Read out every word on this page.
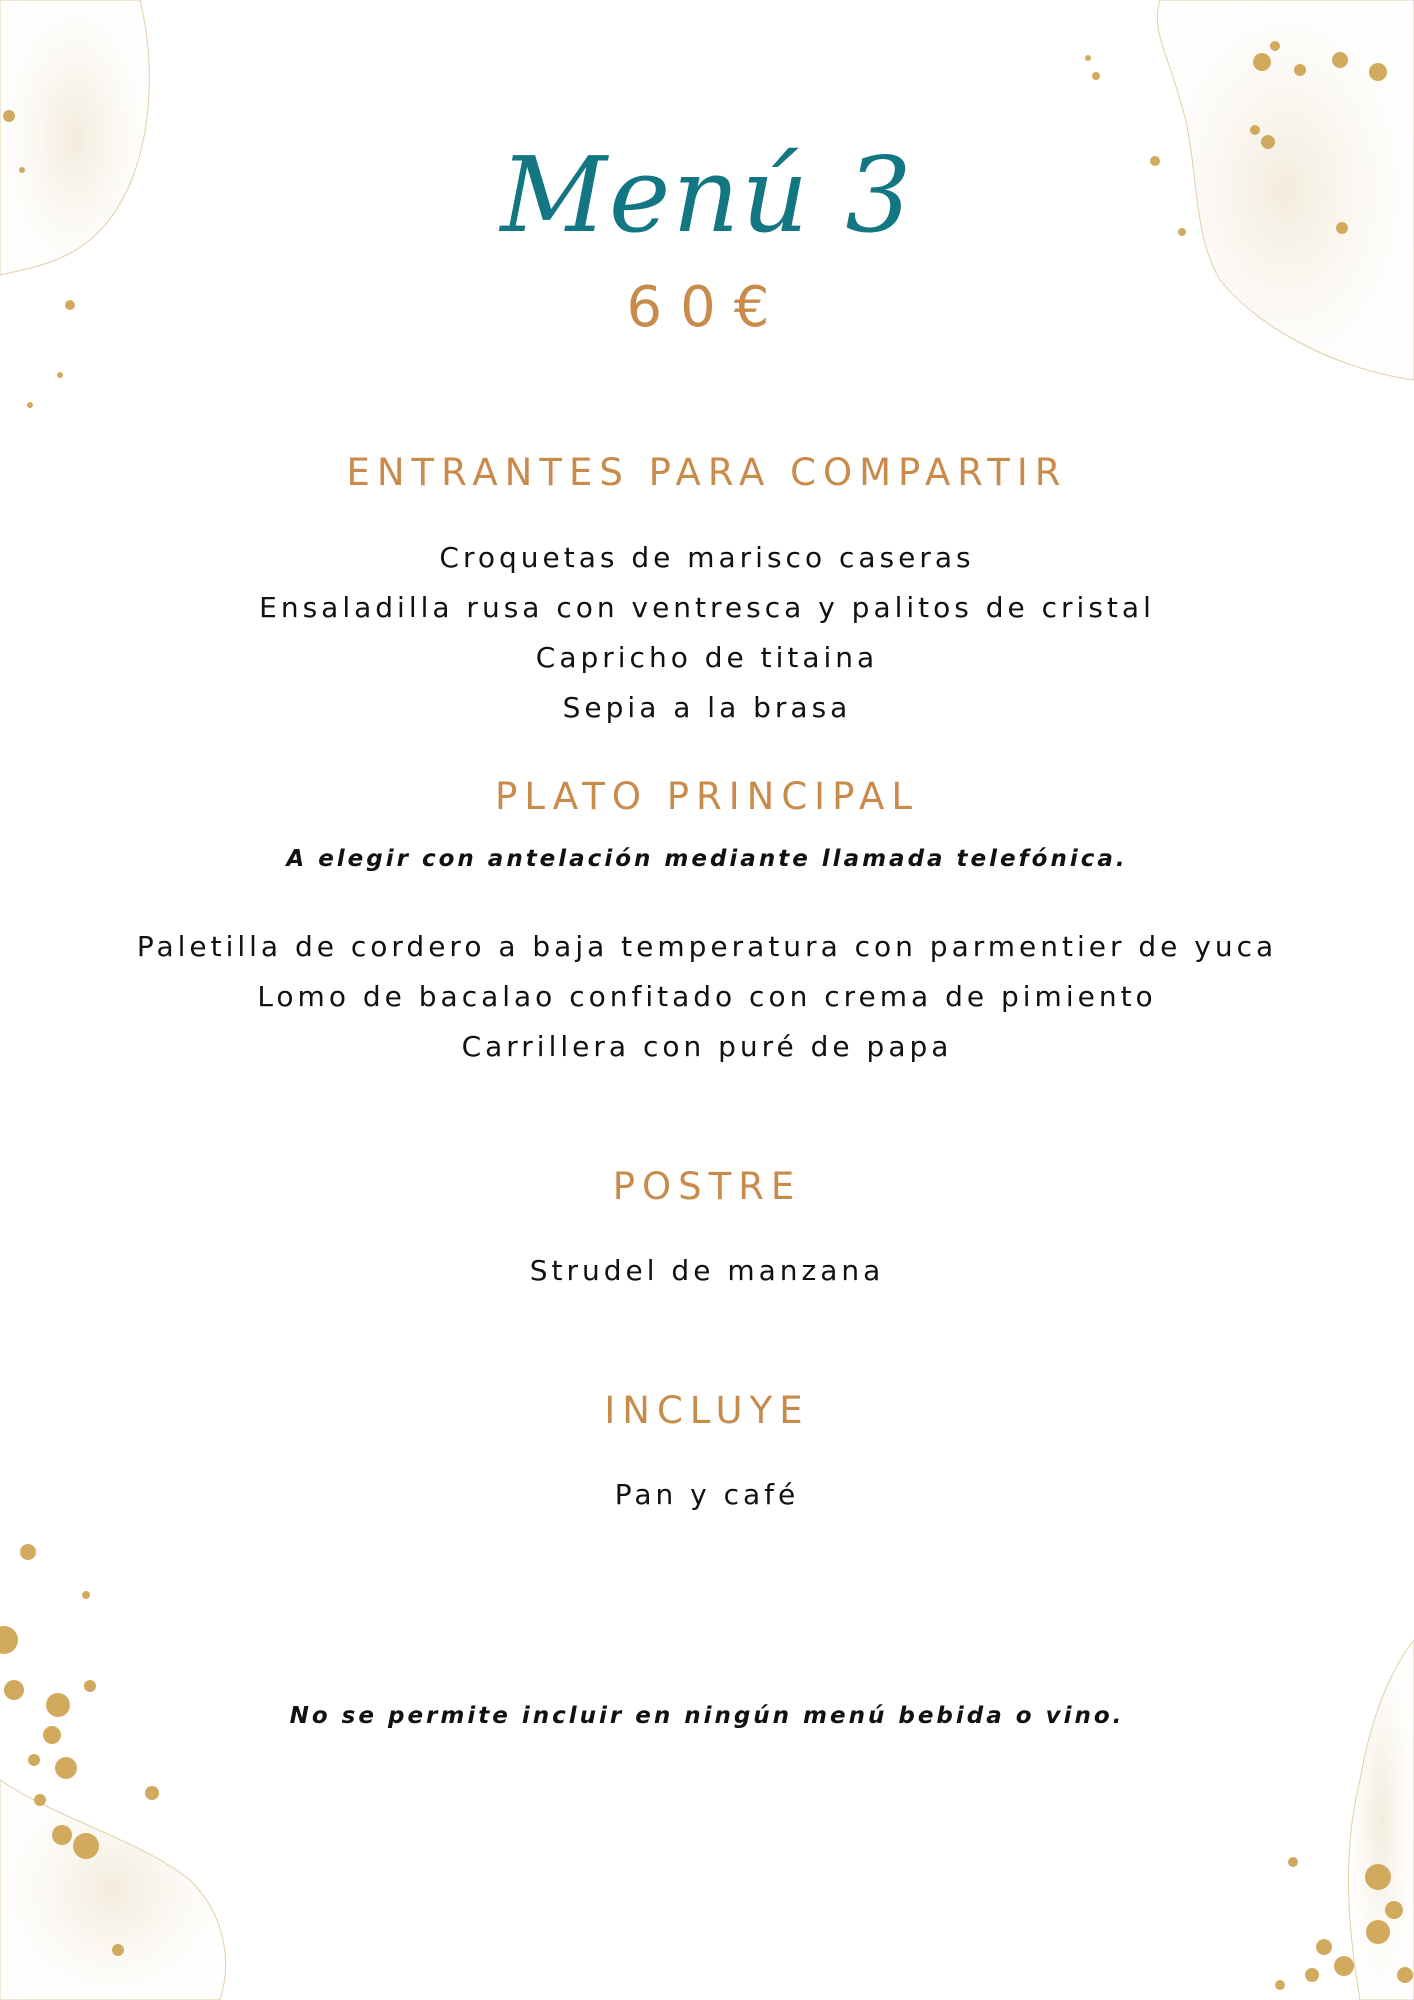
Menú 3
60€
ENTRANTES PARA COMPARTIR
Croquetas de marisco caseras
Ensaladilla rusa con ventresca y palitos de cristal
Capricho de titaina
Sepia a la brasa
PLATO PRINCIPAL
A elegir con antelación mediante llamada telefónica.
Paletilla de cordero a baja temperatura con parmentier de yuca
Lomo de bacalao confitado con crema de pimiento
Carrillera con puré de papa
POSTRE
Strudel de manzana
INCLUYE
Pan y café
No se permite incluir en ningún menú bebida o vino.
